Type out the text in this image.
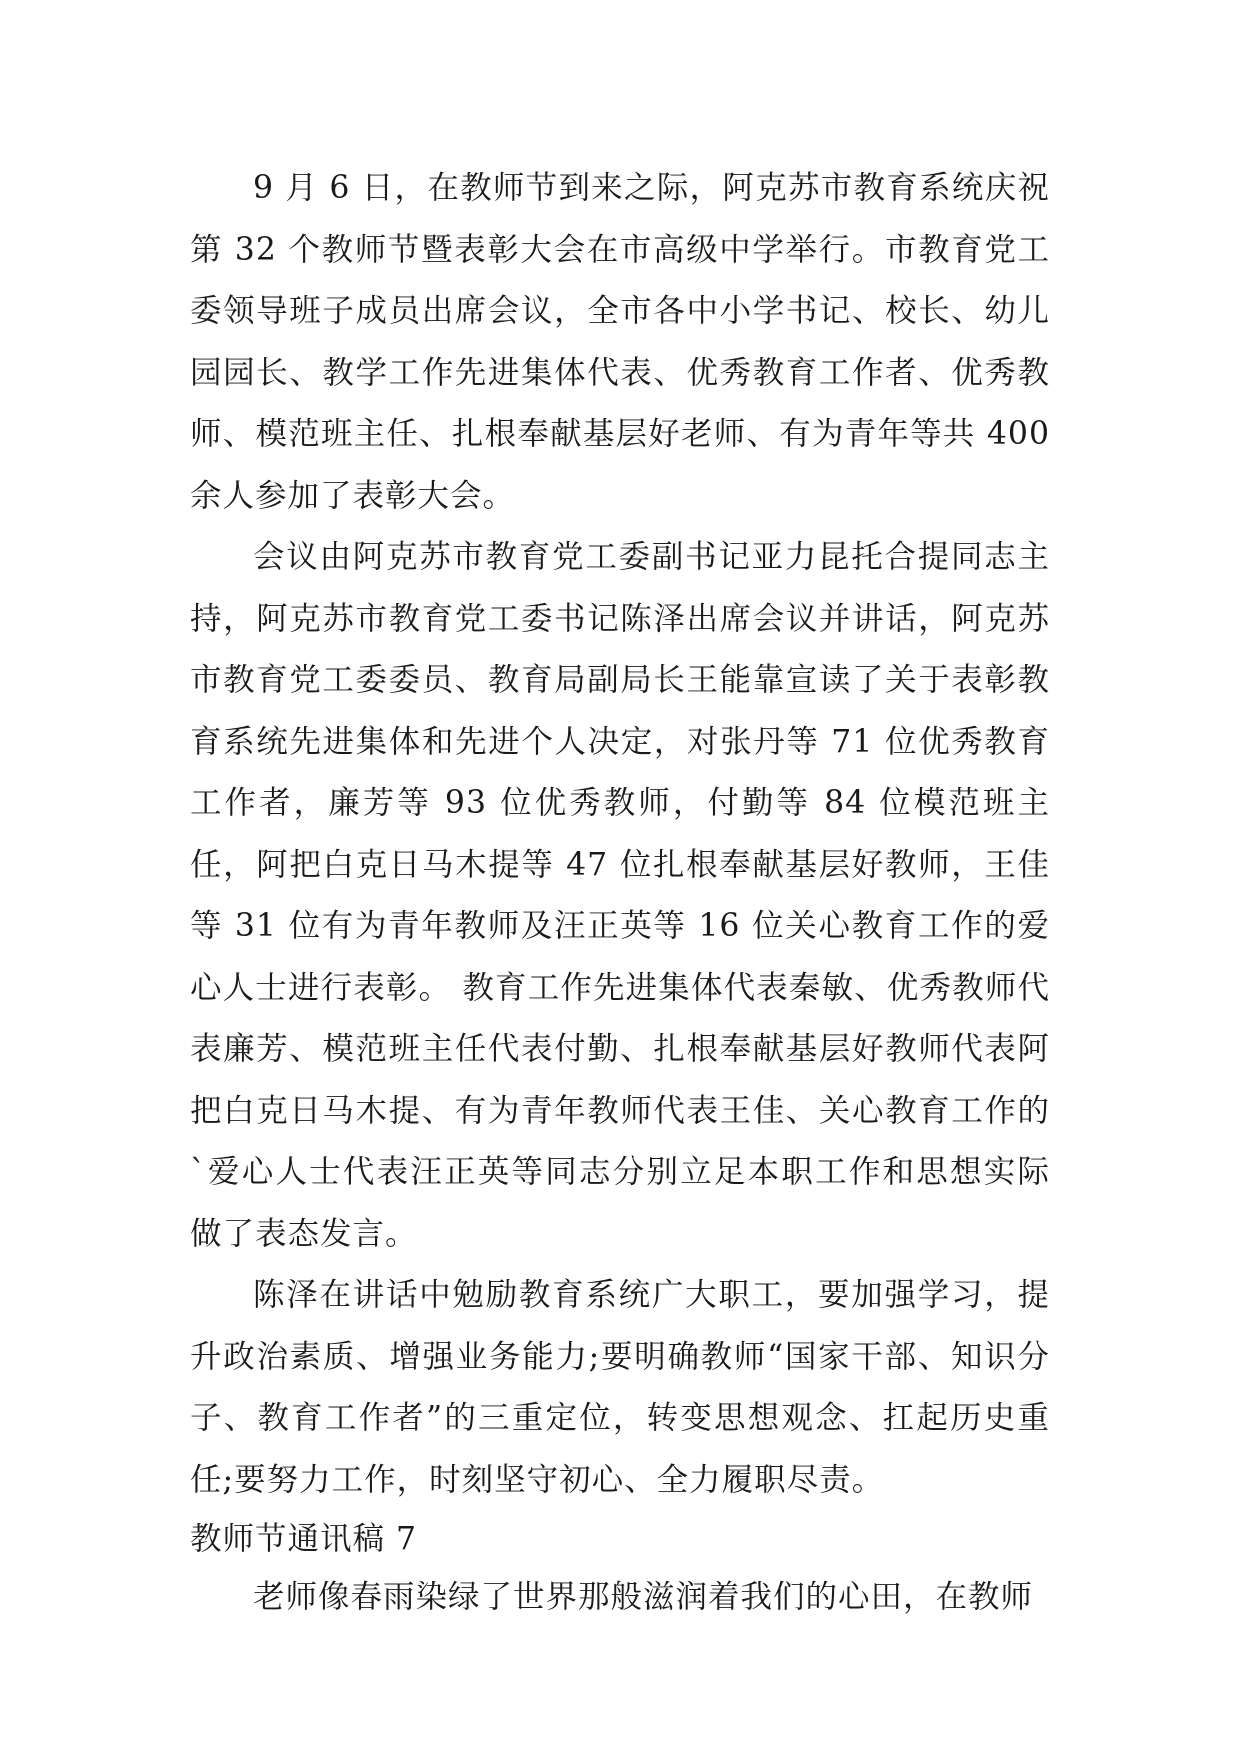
9 月 6 日，在教师节到来之际，阿克苏市教育系统庆祝第 32 个教师节暨表彰大会在市高级中学举行。市教育党工委领导班子成员出席会议，全市各中小学书记、校长、幼儿园园长、教学工作先进集体代表、优秀教育工作者、优秀教师、模范班主任、扎根奉献基层好老师、有为青年等共 400 余人参加了表彰大会。

会议由阿克苏市教育党工委副书记亚力昆托合提同志主持，阿克苏市教育党工委书记陈泽出席会议并讲话，阿克苏市教育党工委委员、教育局副局长王能靠宣读了关于表彰教育系统先进集体和先进个人决定，对张丹等 71 位优秀教育工作者，廉芳等 93 位优秀教师，付勤等 84 位模范班主任，阿把白克日马木提等 47 位扎根奉献基层好教师，王佳等 31 位有为青年教师及汪正英等 16 位关心教育工作的爱心人士进行表彰。 教育工作先进集体代表秦敏、优秀教师代表廉芳、模范班主任代表付勤、扎根奉献基层好教师代表阿把白克日马木提、有为青年教师代表王佳、关心教育工作的`爱心人士代表汪正英等同志分别立足本职工作和思想实际做了表态发言。

陈泽在讲话中勉励教育系统广大职工，要加强学习，提升政治素质、增强业务能力;要明确教师“国家干部、知识分子、教育工作者”的三重定位，转变思想观念、扛起历史重任;要努力工作，时刻坚守初心、全力履职尽责。

教师节通讯稿 7

老师像春雨染绿了世界那般滋润着我们的心田，在教师
